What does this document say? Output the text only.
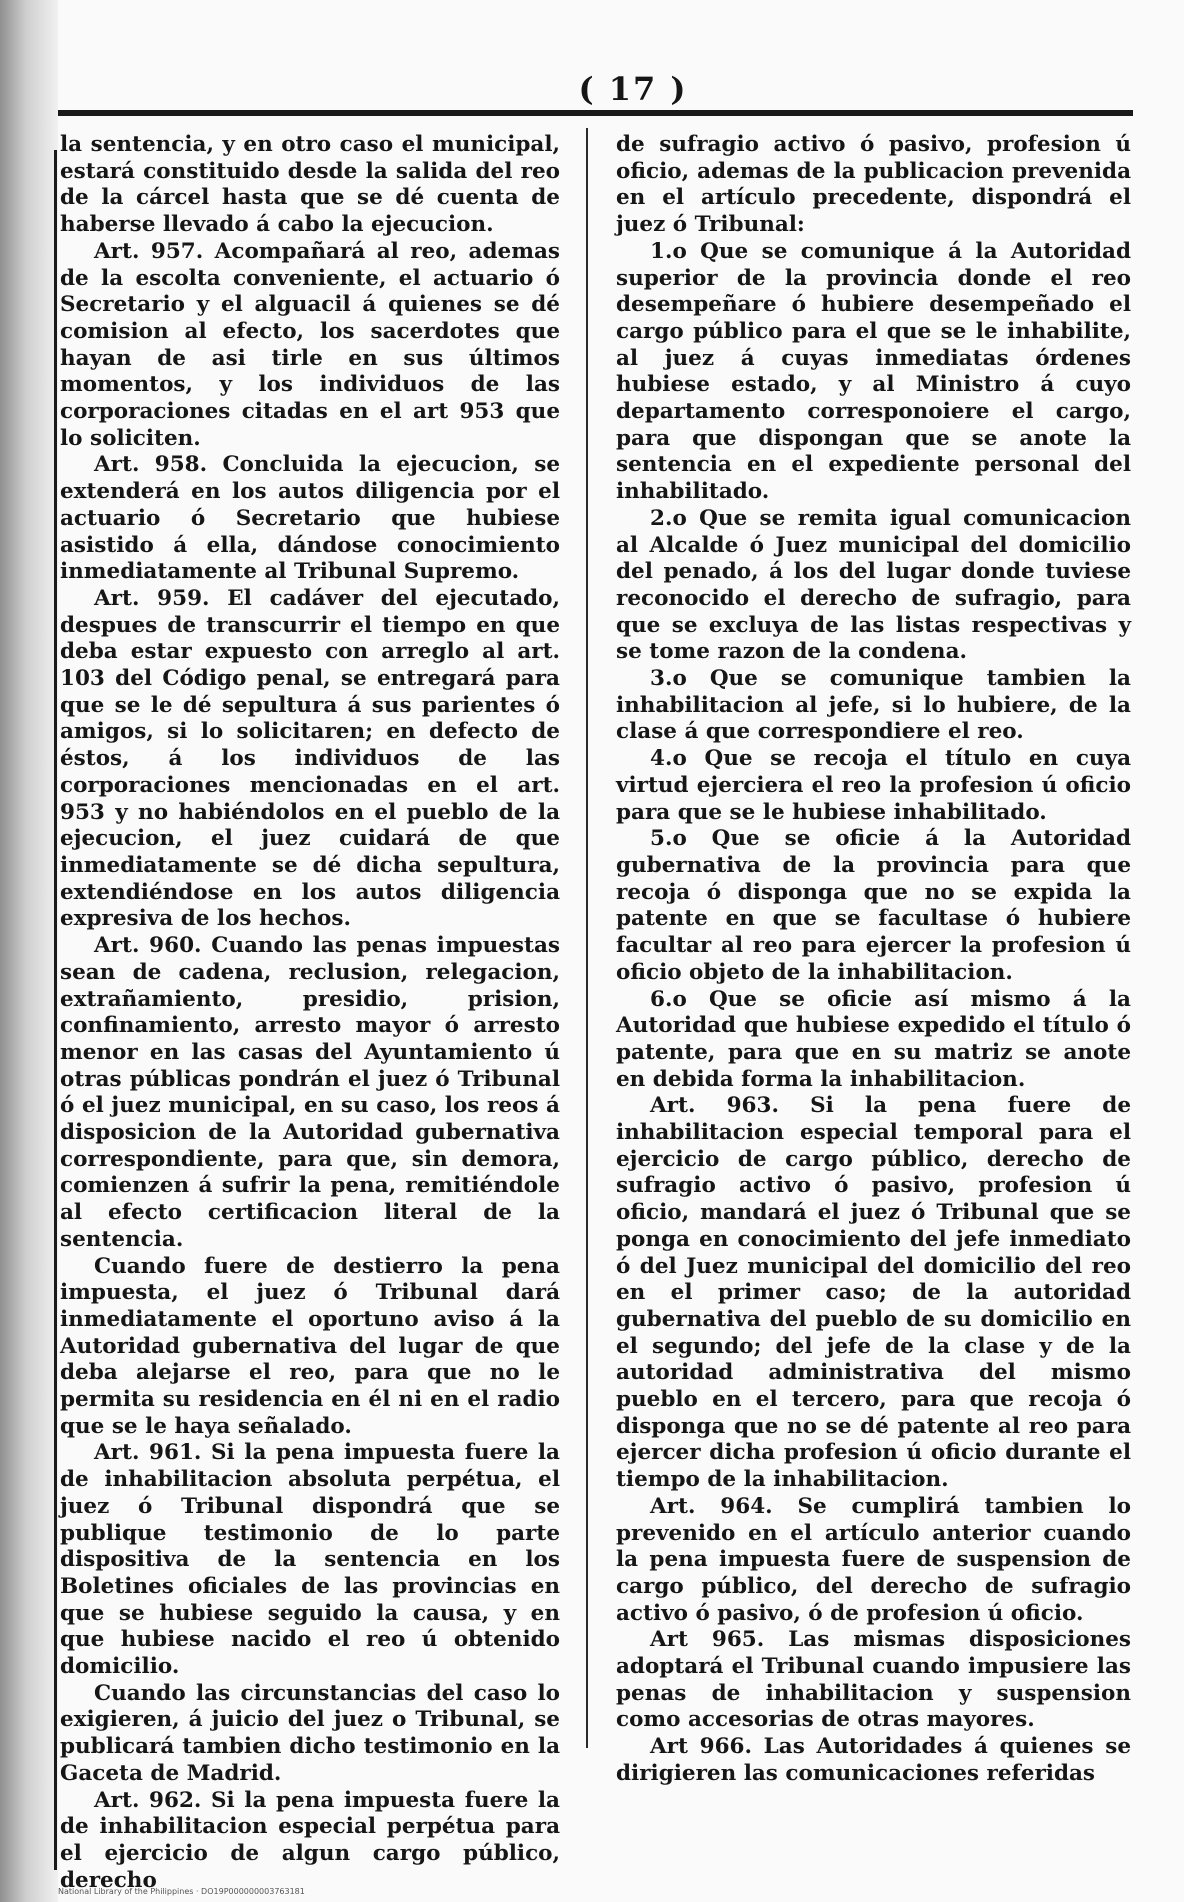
( 17 )

la sentencia, y en otro caso el municipal, estará constituido desde la salida del reo de la cárcel hasta que se dé cuenta de haberse llevado á cabo la ejecucion.

Art. 957. Acompañará al reo, ademas de la escolta conveniente, el actuario ó Secretario y el alguacil á quienes se dé comision al efecto, los sacerdotes que hayan de asi tirle en sus últimos momentos, y los individuos de las corporaciones citadas en el art 953 que lo soliciten.

Art. 958. Concluida la ejecucion, se extenderá en los autos diligencia por el actuario ó Secretario que hubiese asistido á ella, dándose conocimiento inmediatamente al Tribunal Supremo.

Art. 959. El cadáver del ejecutado, despues de transcurrir el tiempo en que deba estar expuesto con arreglo al art. 103 del Código penal, se entregará para que se le dé sepultura á sus parientes ó amigos, si lo solicitaren; en defecto de éstos, á los individuos de las corporaciones mencionadas en el art. 953 y no habiéndolos en el pueblo de la ejecucion, el juez cuidará de que inmediatamente se dé dicha sepultura, extendiéndose en los autos diligencia expresiva de los hechos.

Art. 960. Cuando las penas impuestas sean de cadena, reclusion, relegacion, extrañamiento, presidio, prision, confinamiento, arresto mayor ó arresto menor en las casas del Ayuntamiento ú otras públicas pondrán el juez ó Tribunal ó el juez municipal, en su caso, los reos á disposicion de la Autoridad gubernativa correspondiente, para que, sin demora, comienzen á sufrir la pena, remitiéndole al efecto certificacion literal de la sentencia.

Cuando fuere de destierro la pena impuesta, el juez ó Tribunal dará inmediatamente el oportuno aviso á la Autoridad gubernativa del lugar de que deba alejarse el reo, para que no le permita su residencia en él ni en el radio que se le haya señalado.

Art. 961. Si la pena impuesta fuere la de inhabilitacion absoluta perpétua, el juez ó Tribunal dispondrá que se publique testimonio de lo parte dispositiva de la sentencia en los Boletines oficiales de las provincias en que se hubiese seguido la causa, y en que hubiese nacido el reo ú obtenido domicilio.

Cuando las circunstancias del caso lo exigieren, á juicio del juez o Tribunal, se publicará tambien dicho testimonio en la Gaceta de Madrid.

Art. 962. Si la pena impuesta fuere la de inhabilitacion especial perpétua para el ejercicio de algun cargo público, derecho

de sufragio activo ó pasivo, profesion ú oficio, ademas de la publicacion prevenida en el artículo precedente, dispondrá el juez ó Tribunal:

1.o Que se comunique á la Autoridad superior de la provincia donde el reo desempeñare ó hubiere desempeñado el cargo público para el que se le inhabilite, al juez á cuyas inmediatas órdenes hubiese estado, y al Ministro á cuyo departamento corresponoiere el cargo, para que dispongan que se anote la sentencia en el expediente personal del inhabilitado.

2.o Que se remita igual comunicacion al Alcalde ó Juez municipal del domicilio del penado, á los del lugar donde tuviese reconocido el derecho de sufragio, para que se excluya de las listas respectivas y se tome razon de la condena.

3.o Que se comunique tambien la inhabilitacion al jefe, si lo hubiere, de la clase á que correspondiere el reo.

4.o Que se recoja el título en cuya virtud ejerciera el reo la profesion ú oficio para que se le hubiese inhabilitado.

5.o Que se oficie á la Autoridad gubernativa de la provincia para que recoja ó disponga que no se expida la patente en que se facultase ó hubiere facultar al reo para ejercer la profesion ú oficio objeto de la inhabilitacion.

6.o Que se oficie así mismo á la Autoridad que hubiese expedido el título ó patente, para que en su matriz se anote en debida forma la inhabilitacion.

Art. 963. Si la pena fuere de inhabilitacion especial temporal para el ejercicio de cargo público, derecho de sufragio activo ó pasivo, profesion ú oficio, mandará el juez ó Tribunal que se ponga en conocimiento del jefe inmediato ó del Juez municipal del domicilio del reo en el primer caso; de la autoridad gubernativa del pueblo de su domicilio en el segundo; del jefe de la clase y de la autoridad administrativa del mismo pueblo en el tercero, para que recoja ó disponga que no se dé patente al reo para ejercer dicha profesion ú oficio durante el tiempo de la inhabilitacion.

Art. 964. Se cumplirá tambien lo prevenido en el artículo anterior cuando la pena impuesta fuere de suspension de cargo público, del derecho de sufragio activo ó pasivo, ó de profesion ú oficio.

Art 965. Las mismas disposiciones adoptará el Tribunal cuando impusiere las penas de inhabilitacion y suspension como accesorias de otras mayores.

Art 966. Las Autoridades á quienes se dirigieren las comunicaciones referidas

National Library of the Philippines · DO19P000000003763181
